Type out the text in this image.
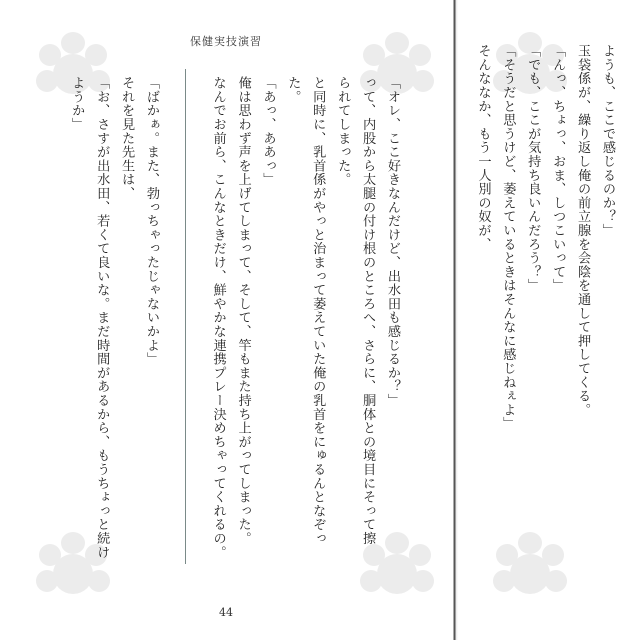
保健実技演習

「オレ、ここ好きなんだけど、出水田も感じるか？」

って、内股から太腿の付け根のところへ、さらに、胴体との境目にそって擦

られてしまった。

と同時に、乳首係がやっと治まって萎えていた俺の乳首をにゅるんとなぞっ

た。

「あっ、ああっ」

俺は思わず声を上げてしまって、そして、竿もまた持ち上がってしまった。

なんでお前ら、こんなときだけ、鮮やかな連携プレー決めちゃってくれるの。

「ばかぁ。また、勃っちゃったじゃないかよ」

それを見た先生は、

「お、さすが出水田、若くて良いな。まだ時間があるから、もうちょっと続け

ようか」

44

ようも、ここで感じるのか？」

玉袋係が、繰り返し俺の前立腺を会陰を通して押してくる。

「んっ、ちょっ、おま、しつこいって」

「でも、ここが気持ち良いんだろう？」

「そうだと思うけど、萎えているときはそんなに感じねぇよ」

そんななか、もう一人別の奴が、
